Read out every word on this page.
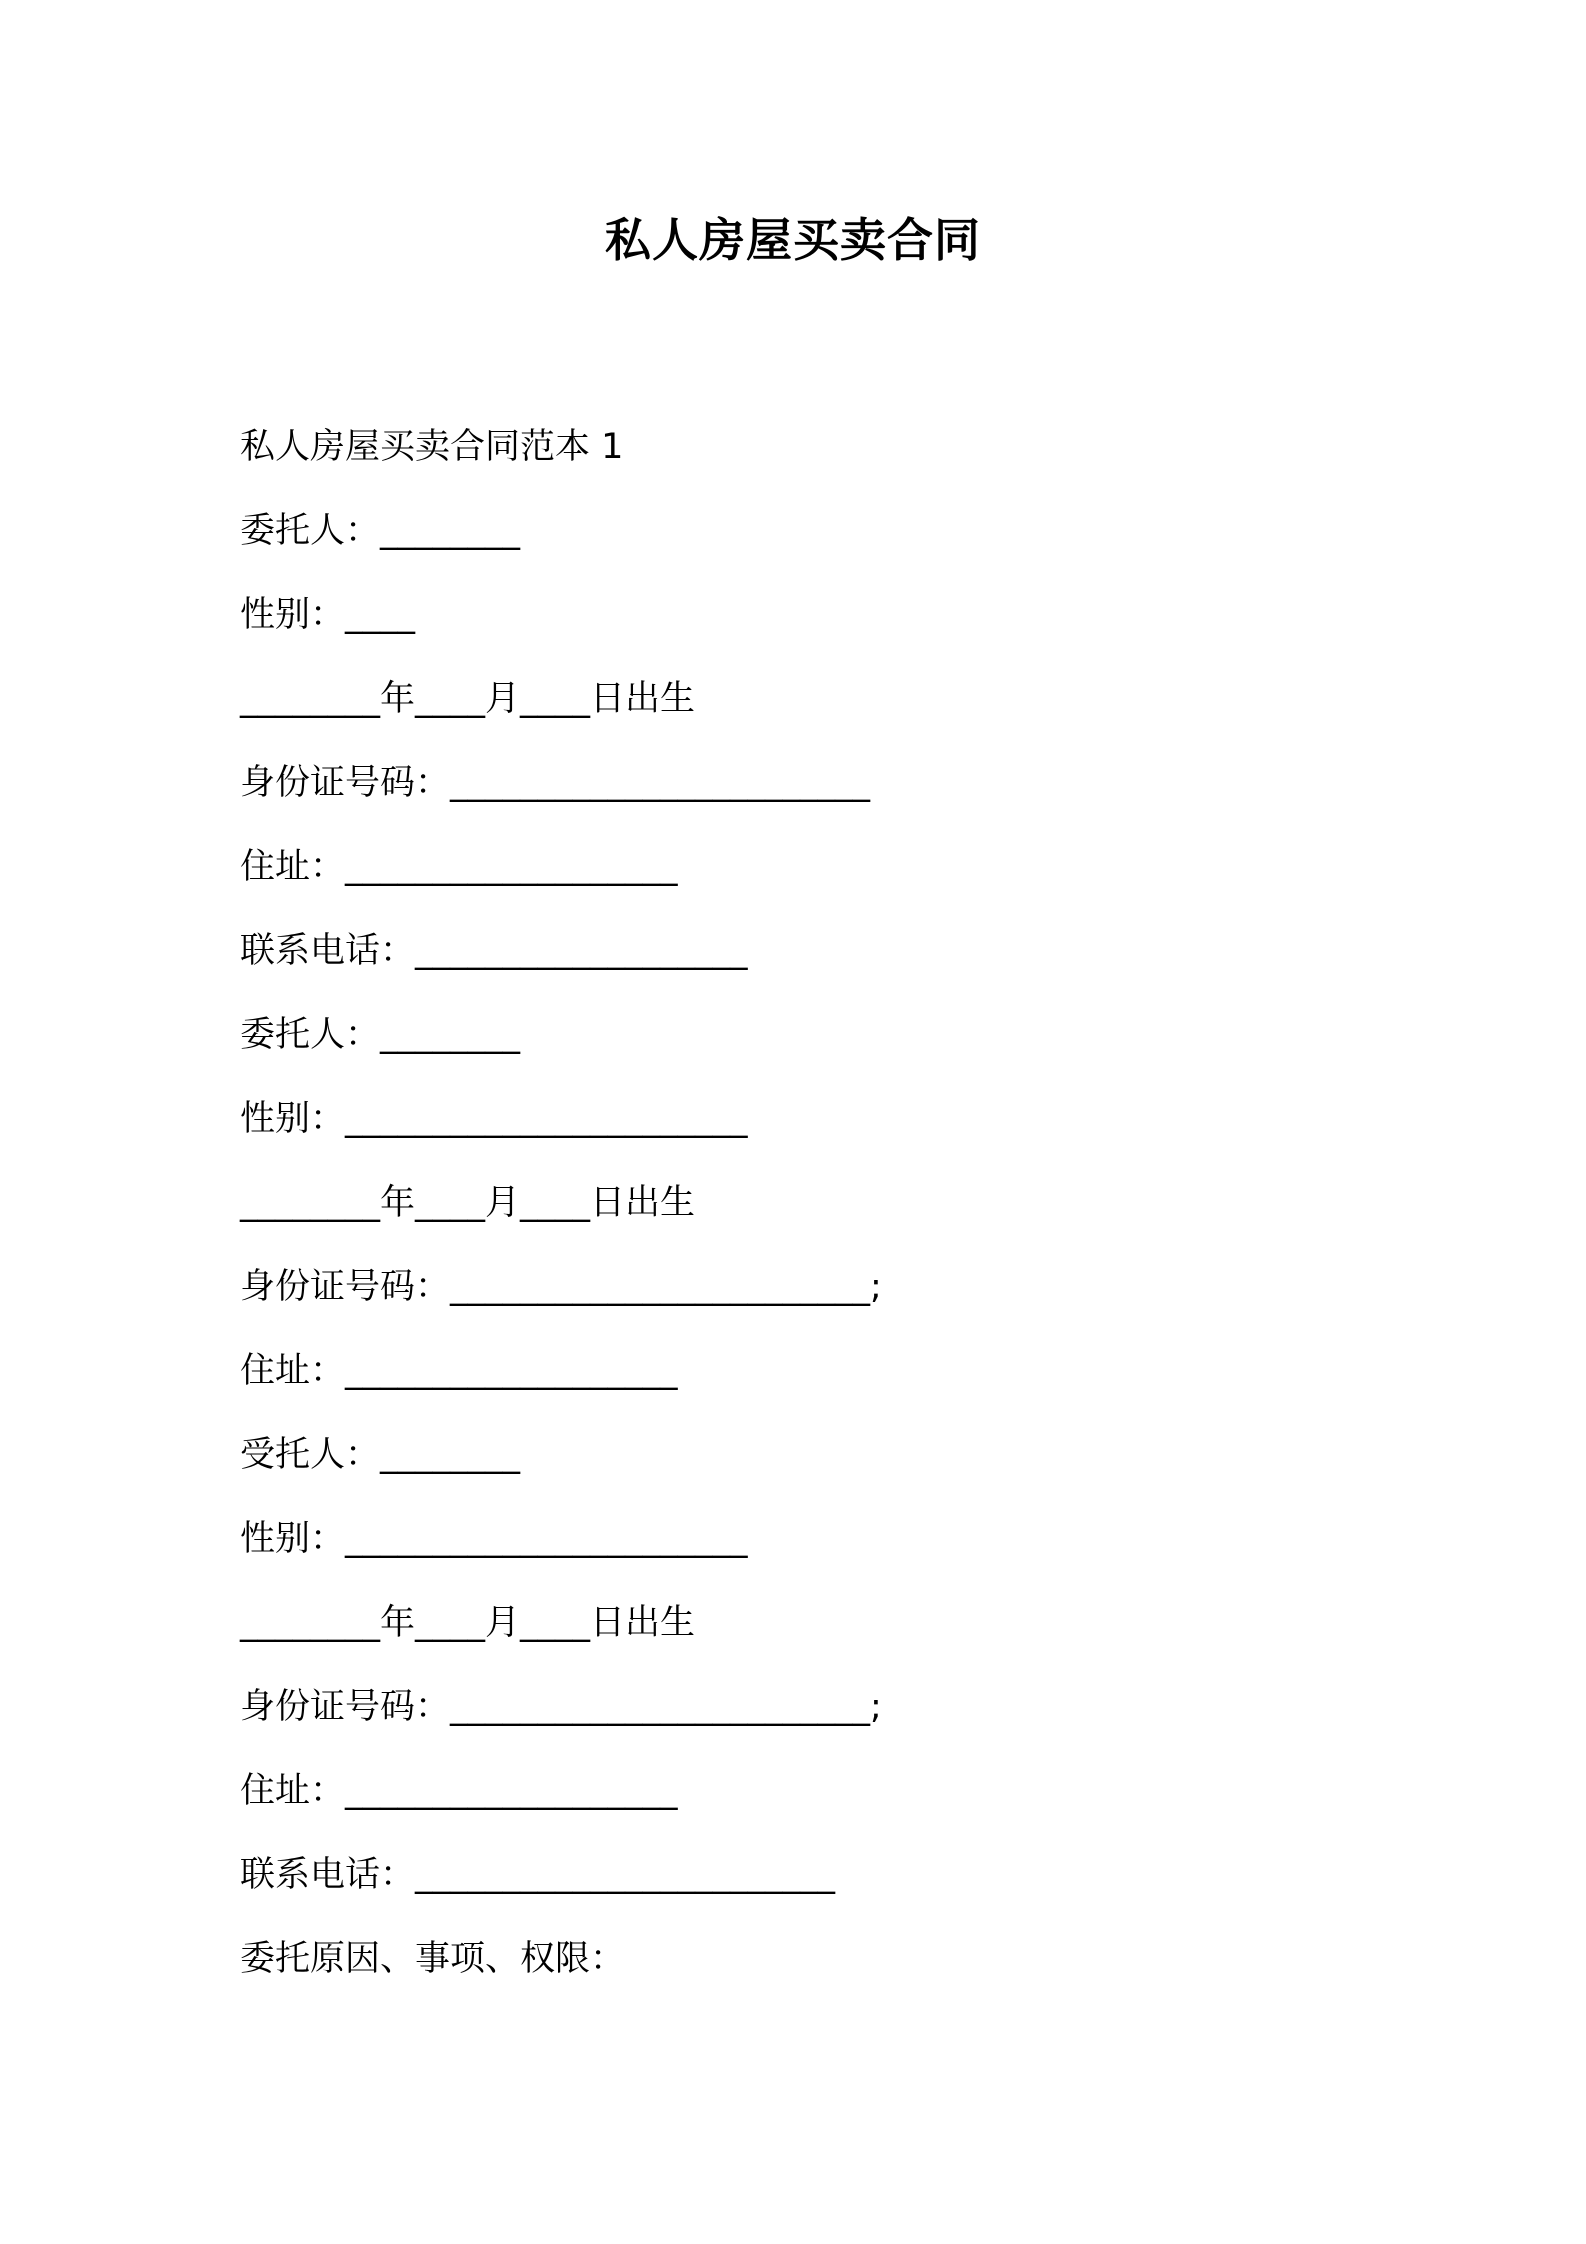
私人房屋买卖合同
私人房屋买卖合同范本 1
委托人：________
性别：____
________年____月____日出生
身份证号码：________________________
住址：___________________
联系电话：___________________
委托人：________
性别：_______________________
________年____月____日出生
身份证号码：________________________;
住址：___________________
受托人：________
性别：_______________________
________年____月____日出生
身份证号码：________________________;
住址：___________________
联系电话：________________________
委托原因、事项、权限：
